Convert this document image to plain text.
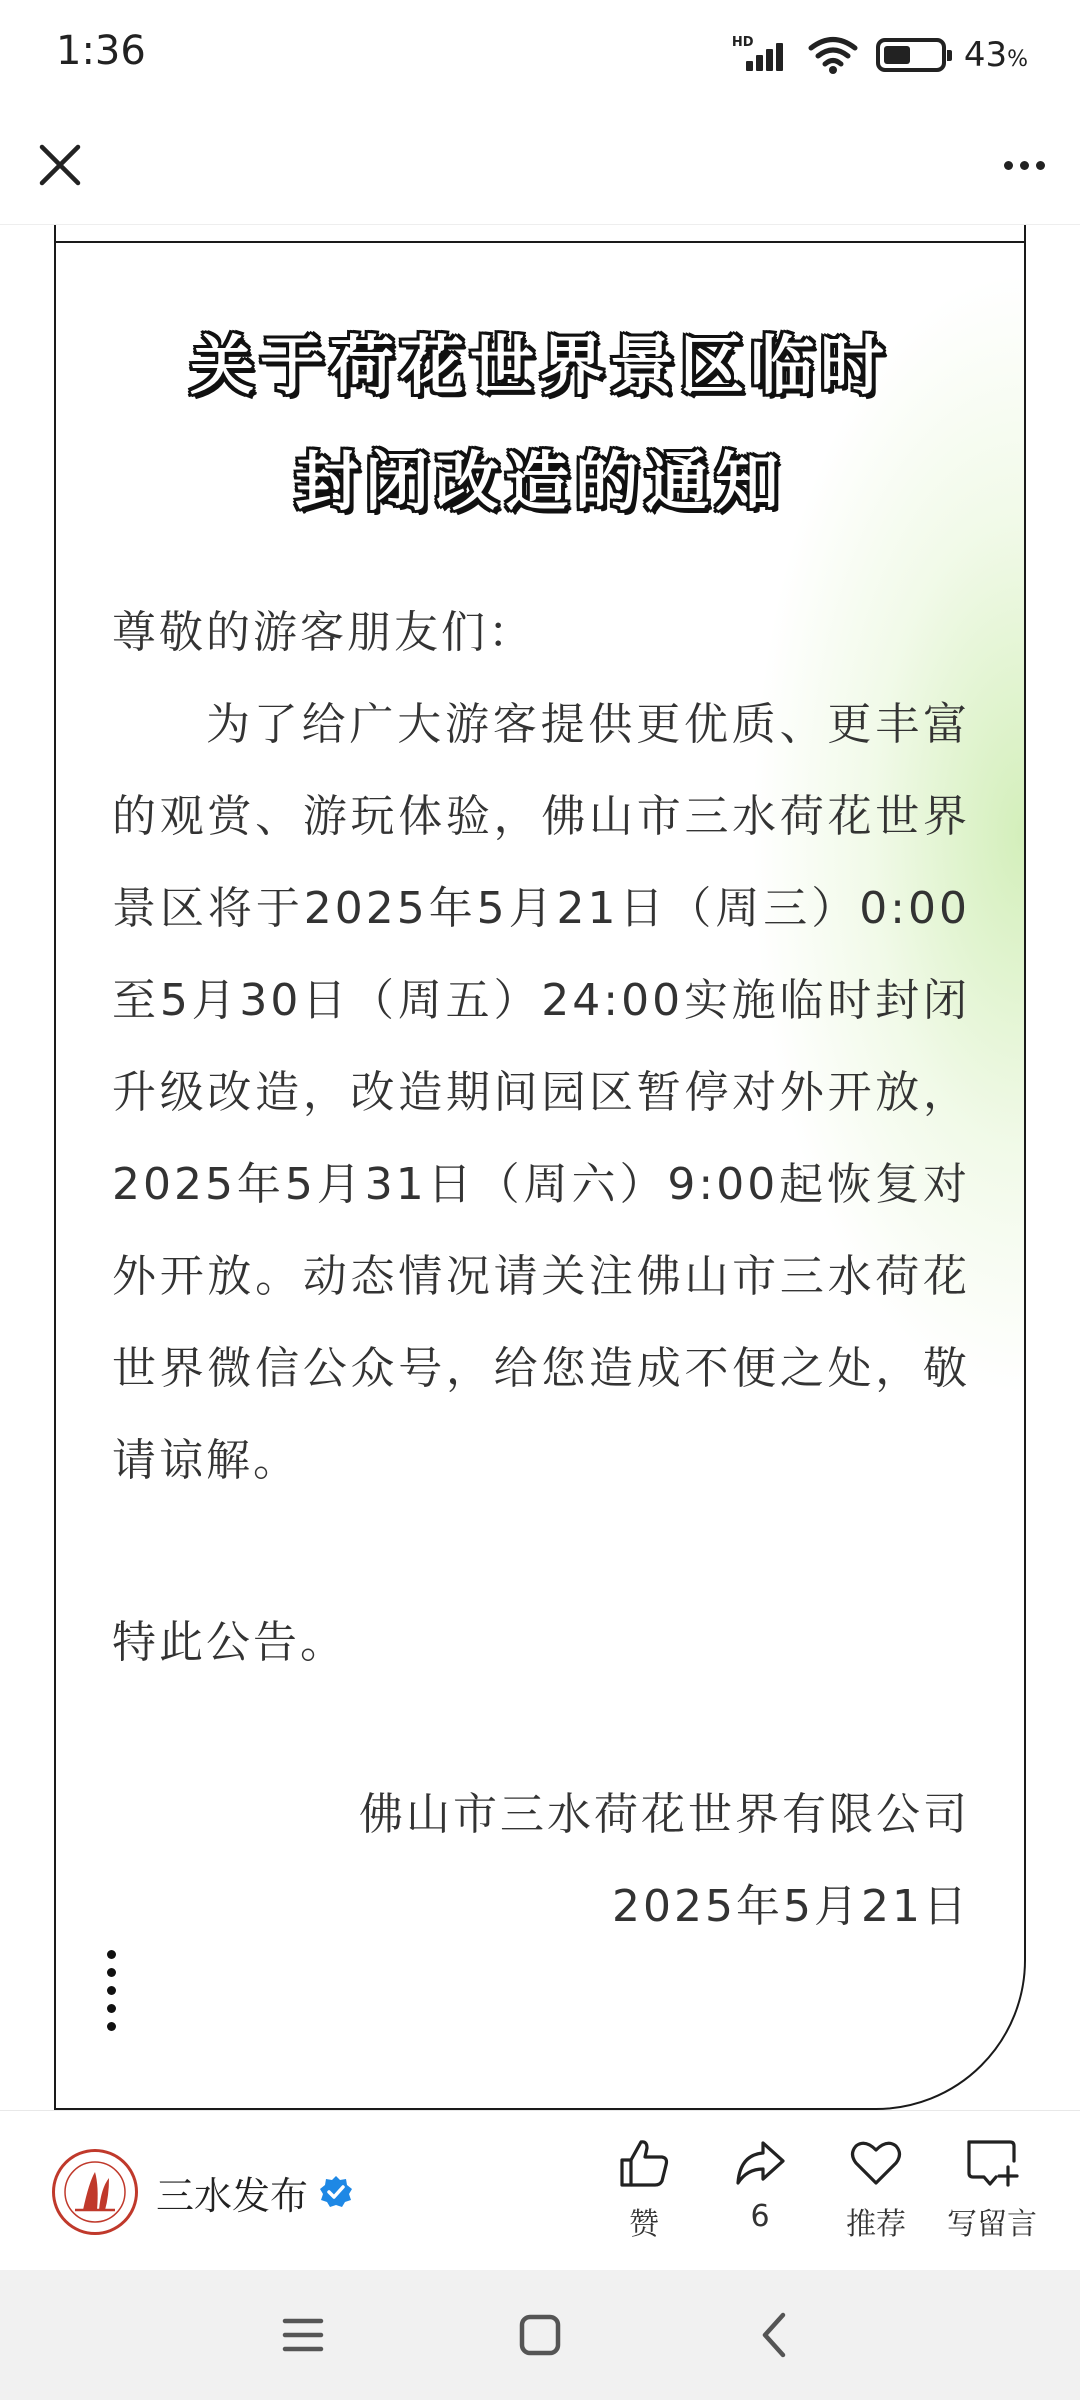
1:36	HD	43%
关于荷花世界景区临时
封闭改造的通知
尊敬的游客朋友们：
为了给广大游客提供更优质、更丰富的观赏、游玩体验，佛山市三水荷花世界景区将于2025年5月21日（周三）0:00至5月30日（周五）24:00实施临时封闭升级改造，改造期间园区暂停对外开放，2025年5月31日（周六）9:00起恢复对外开放。动态情况请关注佛山市三水荷花世界微信公众号，给您造成不便之处，敬请谅解。
特此公告。
佛山市三水荷花世界有限公司
2025年5月21日
三水发布
赞	6	推荐 写留言
